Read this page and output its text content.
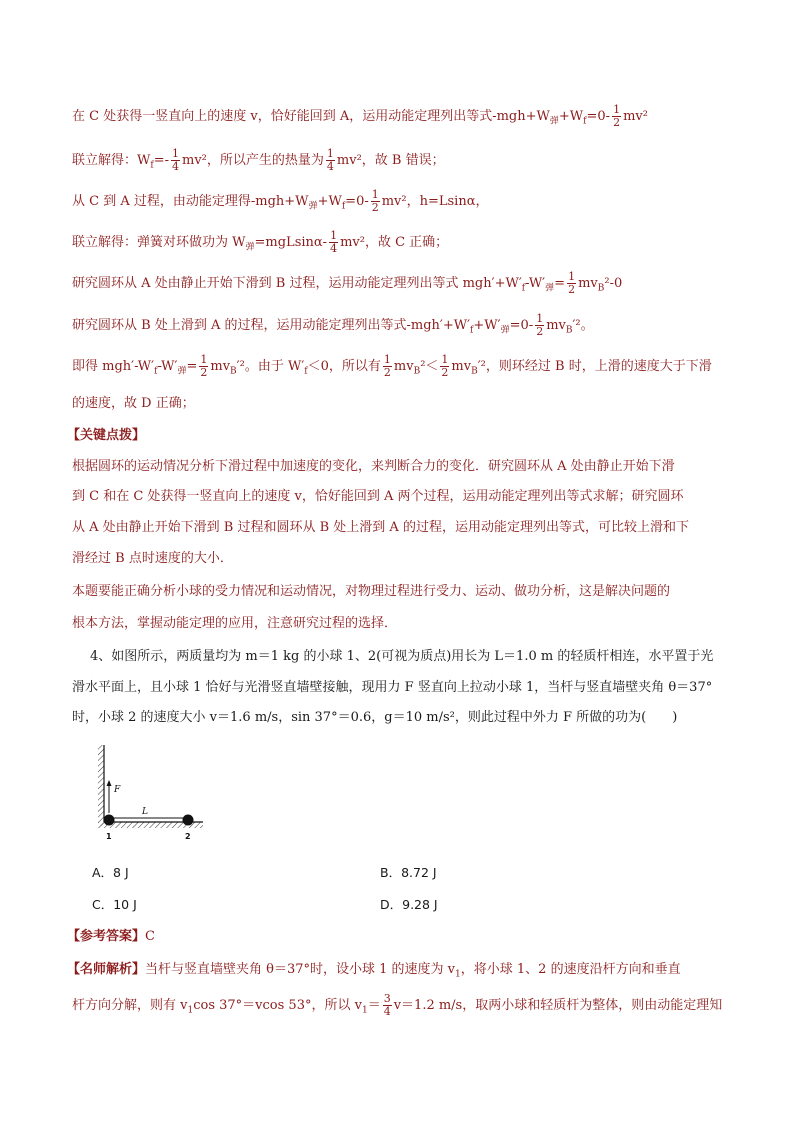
在 C 处获得一竖直向上的速度 v，恰好能回到 A，运用动能定理列出等式$-mgh+W_弹+W_f=0- \frac{1}{2} mv^2$
联立解得：$W_f=- \frac{1}{4} mv^2$，所以产生的热量为 $\frac{1}{4} mv^2$，故 B 错误；
从 C 到 A 过程，由动能定理得$-mgh+W_弹+W_f=0- \frac{1}{2} mv^2$，h=Lsinα，
联立解得：弹簧对环做功为 $W_弹=mgLsin\alpha- \frac{1}{4} mv^2$，故 C 正确；
研究圆环从 A 处由静止开始下滑到 B 过程，运用动能定理列出等式 $mgh'+W'_f-W'_弹= \frac{1}{2} mv_B^2-0$
研究圆环从 B 处上滑到 A 的过程，运用动能定理列出等式$-mgh'+W'_f+W'_弹=0- \frac{1}{2} mv_B'^2$。
即得 $mgh'-W'_f-W'_弹= \frac{1}{2} mv_B'^2$。由于 $W'_f<0$，所以有 $\frac{1}{2} mv_B^2< \frac{1}{2} mv_B'^2$，则环经过 B 时，上滑的速度大于下滑
的速度，故 D 正确；
【关键点拨】
根据圆环的运动情况分析下滑过程中加速度的变化，来判断合力的变化．研究圆环从 A 处由静止开始下滑
到 C 和在 C 处获得一竖直向上的速度 v，恰好能回到 A 两个过程，运用动能定理列出等式求解；研究圆环
从 A 处由静止开始下滑到 B 过程和圆环从 B 处上滑到 A 的过程，运用动能定理列出等式，可比较上滑和下
滑经过 B 点时速度的大小．
本题要能正确分析小球的受力情况和运动情况，对物理过程进行受力、运动、做功分析，这是解决问题的
根本方法，掌握动能定理的应用，注意研究过程的选择．
4、如图所示，两质量均为 m＝1 kg 的小球 1、2(可视为质点)用长为 L＝1.0 m 的轻质杆相连，水平置于光
滑水平面上，且小球 1 恰好与光滑竖直墙壁接触，现用力 F 竖直向上拉动小球 1，当杆与竖直墙壁夹角 θ＝37°
时，小球 2 的速度大小 v＝1.6 m/s，sin 37°＝0.6，g＝10 m/s²，则此过程中外力 F 所做的功为(　　)
F
L
1	2
A．8 J	B．8.72 J
C．10 J	D．9.28 J
【参考答案】C
【名师解析】当杆与竖直墙壁夹角 θ＝37°时，设小球 1 的速度为 $v_1$，将小球 1、2 的速度沿杆方向和垂直
杆方向分解，则有 $v_1\cos$ 37°＝vcos 53°，所以 $v_1= \frac{3}{4} v=1.2$ m/s，取两小球和轻质杆为整体，则由动能定理知
